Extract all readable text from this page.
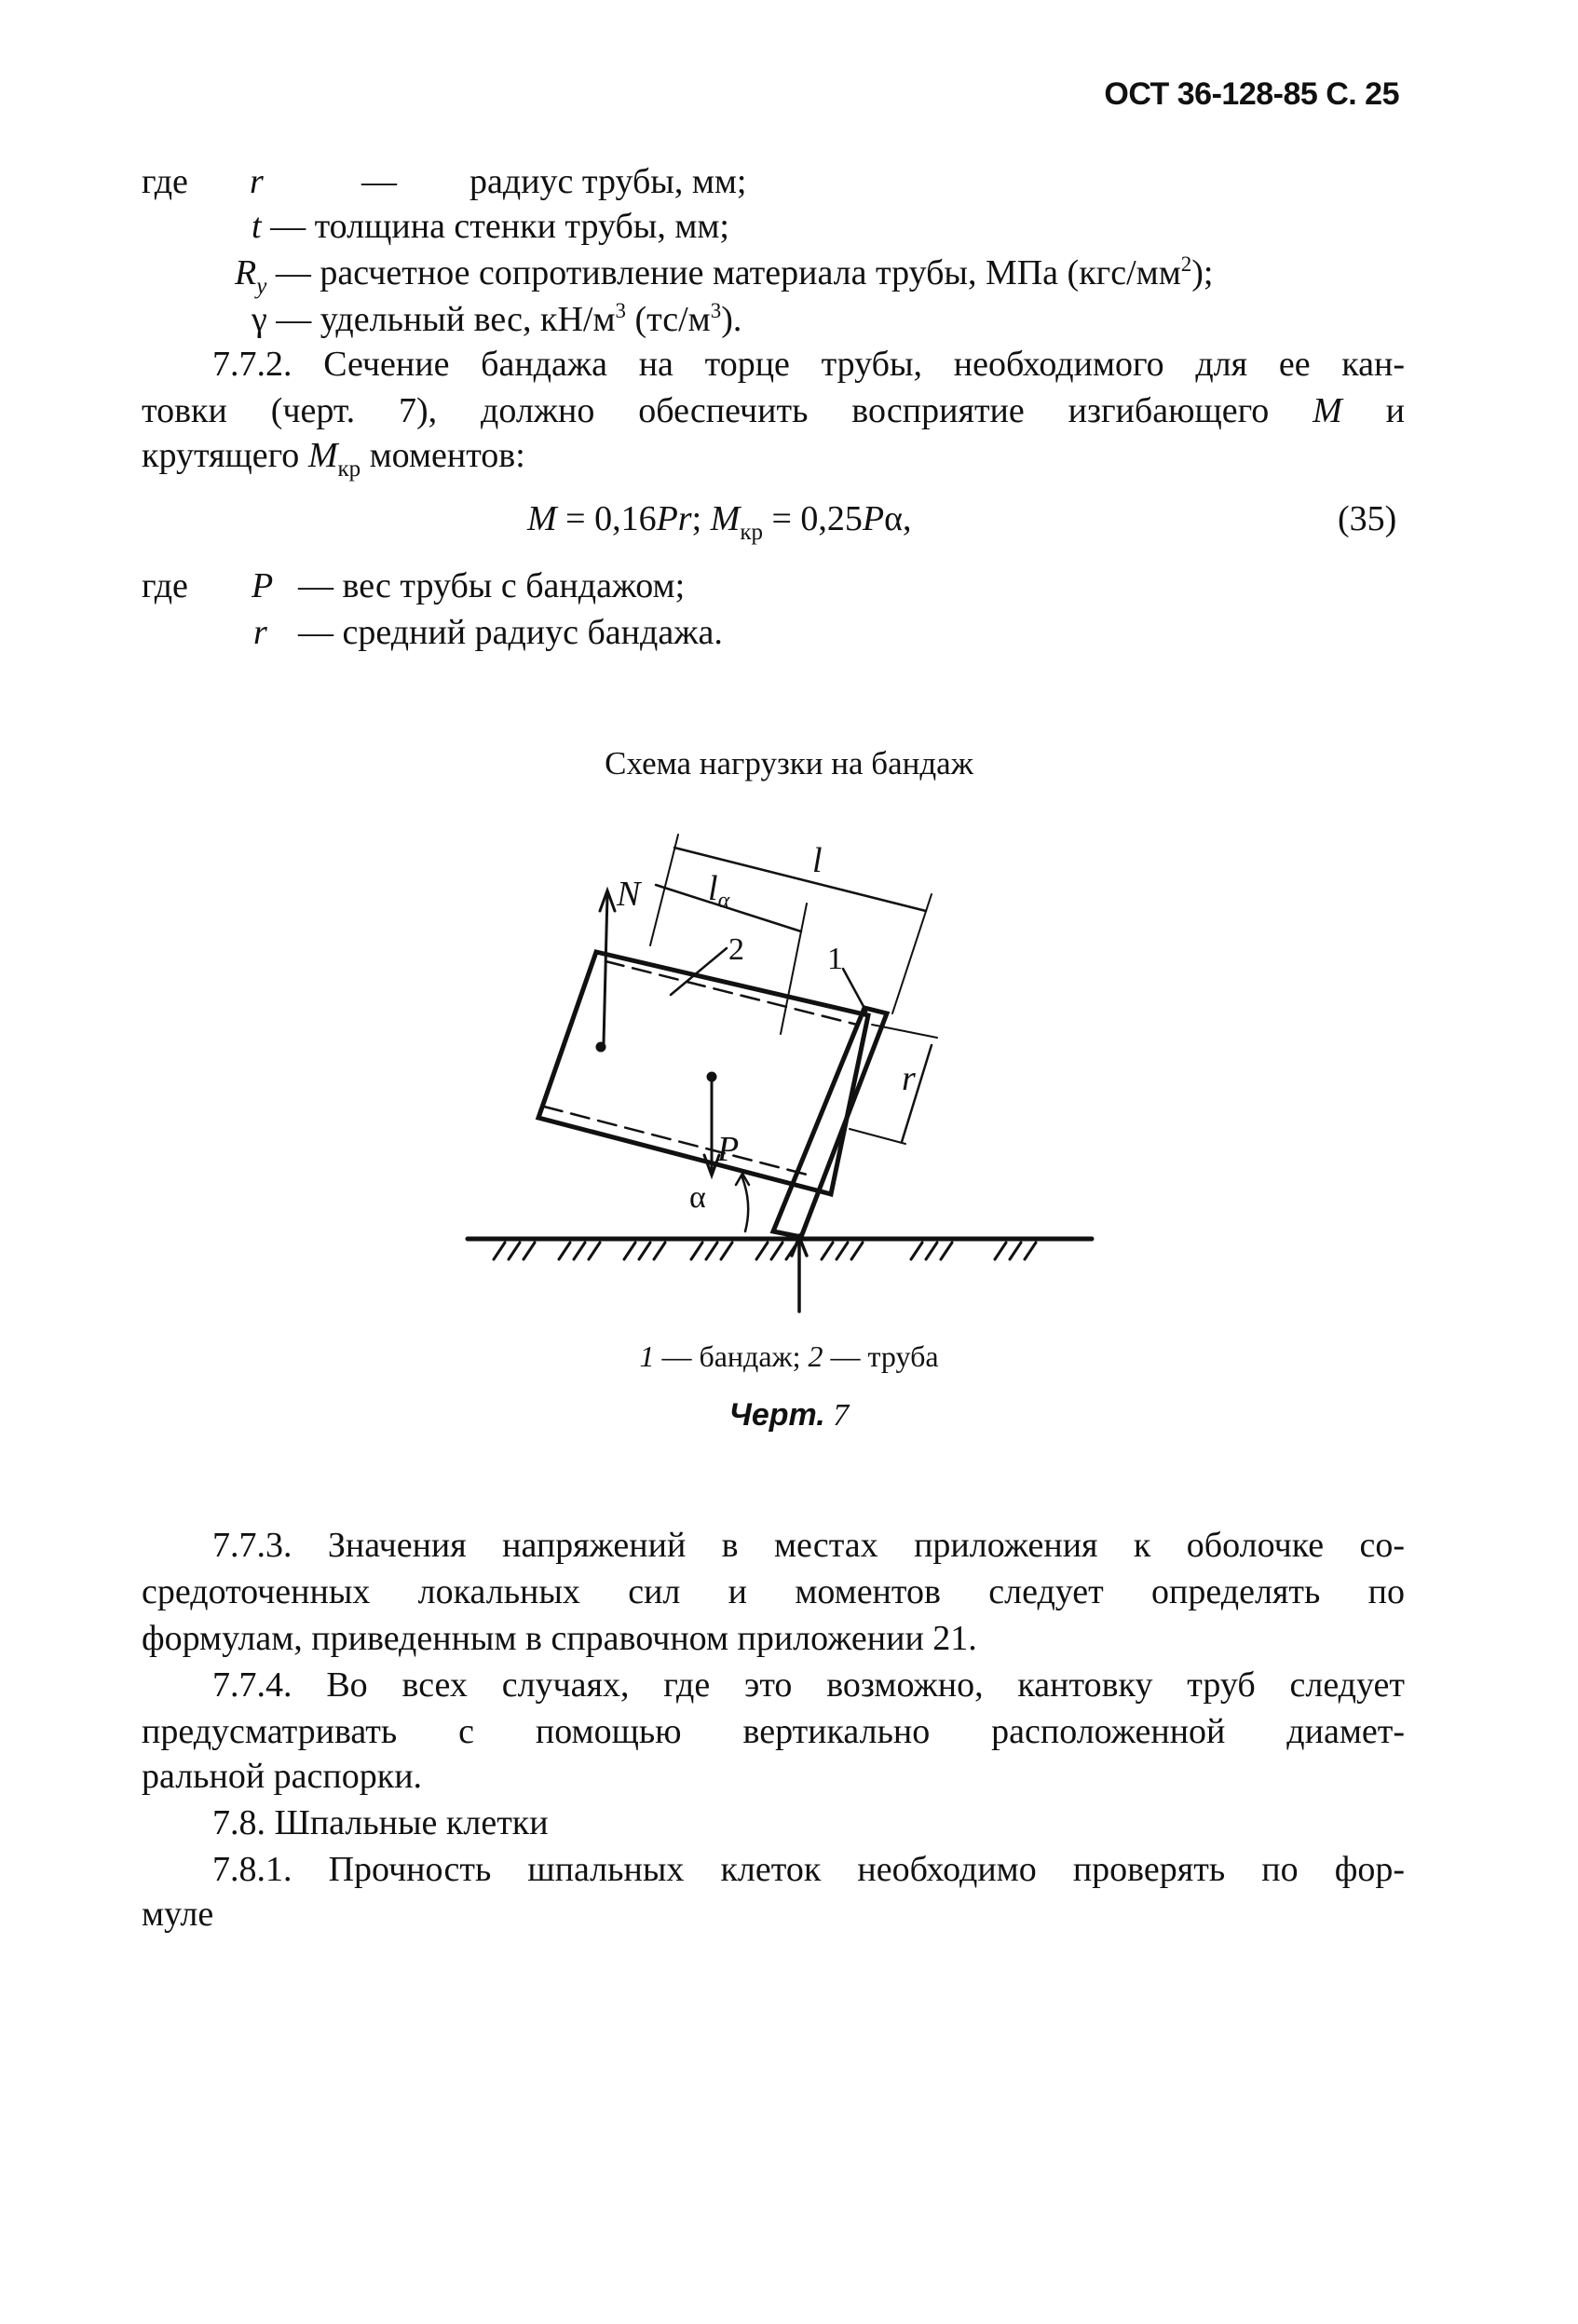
ОСТ 36-128-85 С. 25
где r	— радиус трубы, мм;
t — толщина стенки трубы, мм;
$R_y$ — расчетное сопротивление материала трубы, МПа $(кгс/мм^2)$;
γ — удельный вес, $кН/м^3$ $(тс/м^3)$.
7.7.2. Сечение бандажа на торце трубы, необходимого для ее кан-
товки (черт. 7), должно обеспечить восприятие изгибающего М и
крутящего $М_{кр}$ моментов:
М = 0,16Pr; $М_{кр} = 0,25Р\alpha$,	(35)
где Р — вес трубы с бандажом;
r — средний радиус бандажа.
Схема нагрузки на бандаж
l
$l_\alpha$
N
2	1
r
P
α
1 — бандаж; 2 — труба
Черт. 7
7.7.3. Значения напряжений в местах приложения к оболочке со-
средоточенных локальных сил и моментов следует определять по
формулам, приведенным в справочном приложении 21.
7.7.4. Во всех случаях, где это возможно, кантовку труб следует
предусматривать с помощью вертикально расположенной диамет-
ральной распорки.
7.8. Шпальные клетки
7.8.1. Прочность шпальных клеток необходимо проверять по фор-
муле
